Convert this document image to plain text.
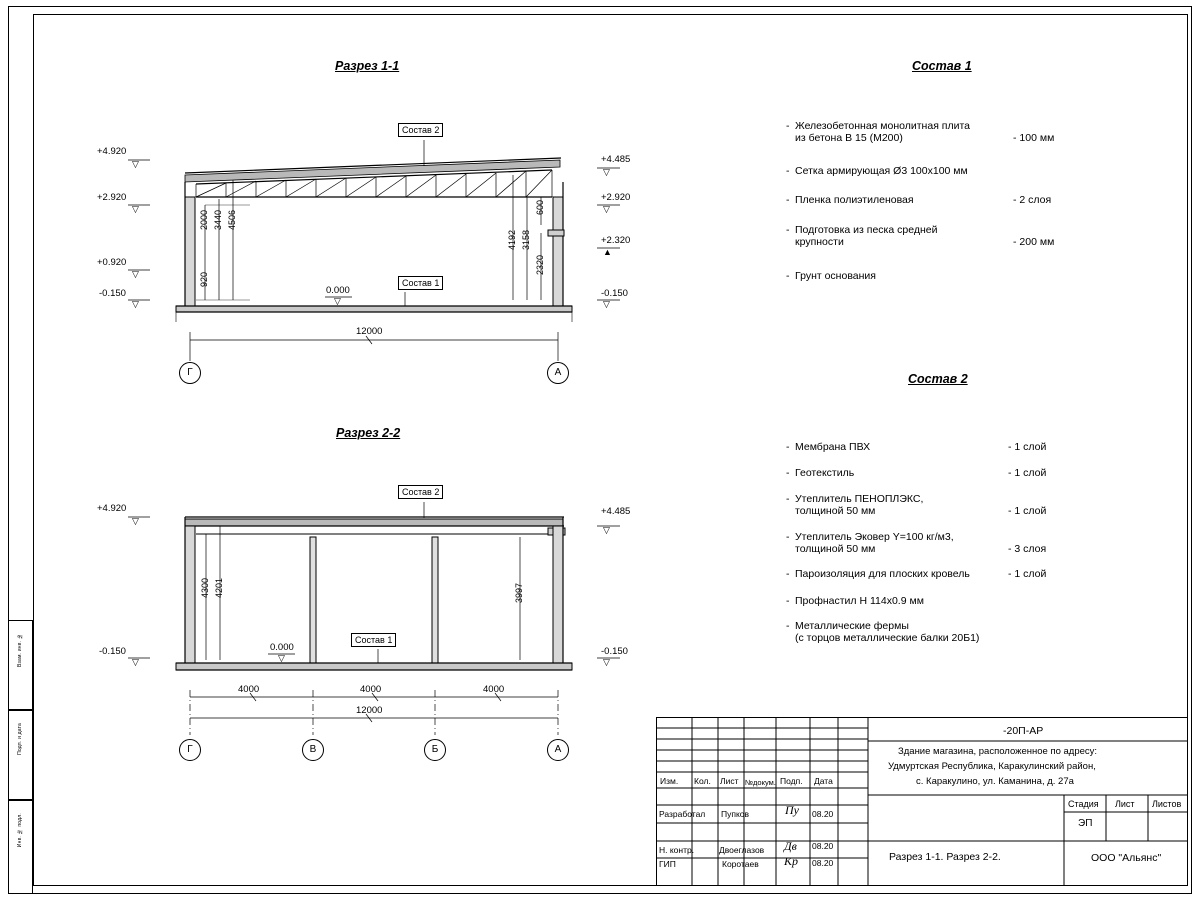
Взам. инв. №
Подп. и дата
Инв. № подл.
Разрез 1-1
+4.920
▽
+2.920
▽
+0.920
▽
-0.150
▽
+4.485
▽
+2.920
▽
+2.320
▲
-0.150
▽
0.000
▽
Состав 2
Состав 1
2000 3440 4506
920
4192 3158
2320
600
12000
Г	А
Разрез 2-2
+4.920
▽
-0.150
▽
+4.485
▽
-0.150
▽
0.000
▽
Состав 2
Состав 1
4300 4201	3997
4000	4000	4000
12000
Г	В	Б	А
Состав 1
- Железобетонная монолитная плита
из бетона В 15 (М200)	- 100 мм
- Сетка армирующая Ø3 100х100 мм
- Пленка полиэтиленовая	- 2 слоя
- Подготовка из песка средней
крупности	- 200 мм
- Грунт основания
Состав 2
- Мембрана ПВХ	- 1 слой
- Геотекстиль	- 1 слой
- Утеплитель ПЕНОПЛЭКС,
толщиной 50 мм	- 1 слой
- Утеплитель Эковер Y=100 кг/м3,
толщиной 50 мм	- 3 слоя
- Пароизоляция для плоских кровель	- 1 слой
- Профнастил Н 114х0.9 мм
- Металлические фермы
(с торцов металлические балки 20Б1)
-20П-АР
Здание магазина, расположенное по адресу:
Удмуртская Республика, Каракулинский район,
с. Каракулино, ул. Каманина, д. 27а
Изм. Кол. Лист №докум. Подп. Дата
Разработал Пупков	Пу 08.20
Н. контр.	Двоеглазов Дв 08.20
ГИП	Коротаев Кр 08.20	Разрез 1-1. Разрез 2-2.
Стадия Лист Листов
ЭП
ООО "Альянс"
